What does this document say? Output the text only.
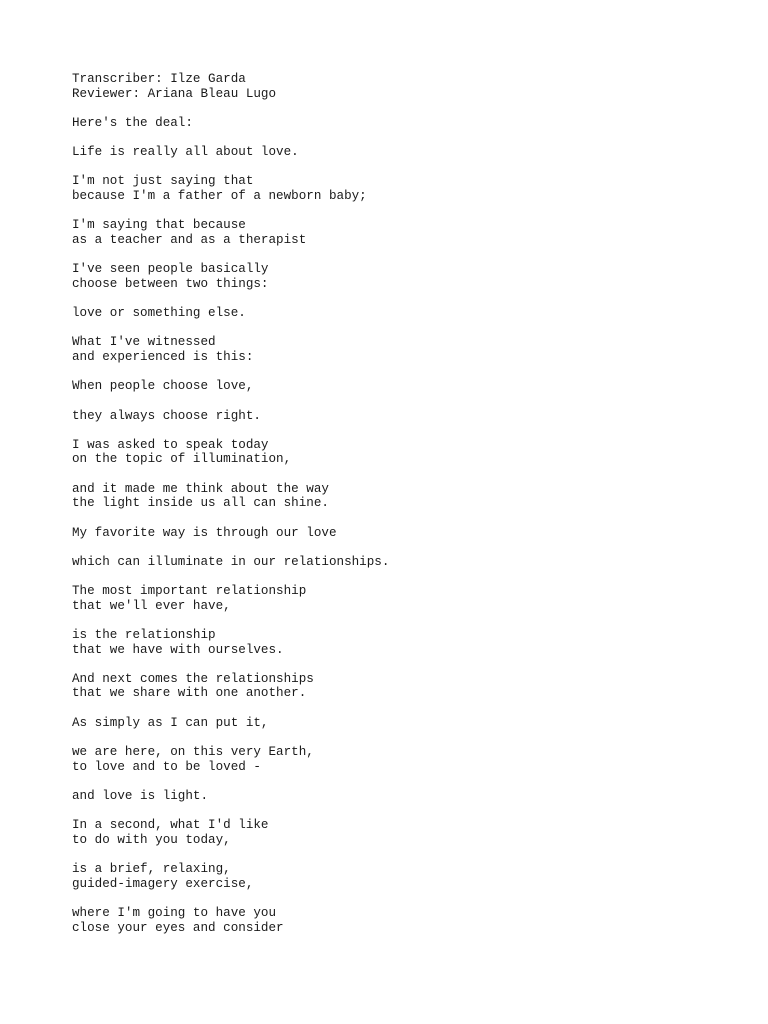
Transcriber: Ilze Garda
Reviewer: Ariana Bleau Lugo
Here's the deal:
Life is really all about love.
I'm not just saying that
because I'm a father of a newborn baby;
I'm saying that because
as a teacher and as a therapist
I've seen people basically
choose between two things:
love or something else.
What I've witnessed
and experienced is this:
When people choose love,
they always choose right.
I was asked to speak today
on the topic of illumination,
and it made me think about the way
the light inside us all can shine.
My favorite way is through our love
which can illuminate in our relationships.
The most important relationship
that we'll ever have,
is the relationship
that we have with ourselves.
And next comes the relationships
that we share with one another.
As simply as I can put it,
we are here, on this very Earth,
to love and to be loved -
and love is light.
In a second, what I'd like
to do with you today,
is a brief, relaxing,
guided-imagery exercise,
where I'm going to have you
close your eyes and consider
